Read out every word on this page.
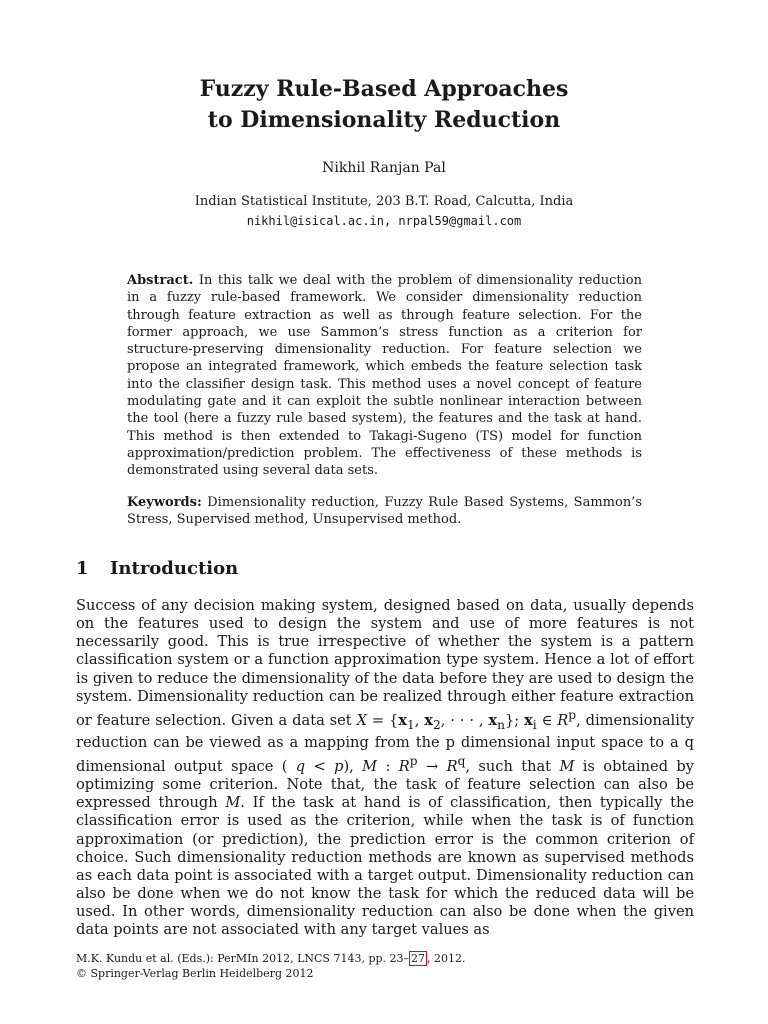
Fuzzy Rule-Based Approaches
to Dimensionality Reduction
Nikhil Ranjan Pal
Indian Statistical Institute, 203 B.T. Road, Calcutta, India
nikhil@isical.ac.in, nrpal59@gmail.com

Abstract. In this talk we deal with the problem of dimensionality reduction in a fuzzy rule-based framework. We consider dimensionality reduction through feature extraction as well as through feature selection. For the former approach, we use Sammon’s stress function as a criterion for structure-preserving dimensionality reduction. For feature selection we propose an integrated framework, which embeds the feature selection task into the classifier design task. This method uses a novel concept of feature modulating gate and it can exploit the subtle nonlinear interaction between the tool (here a fuzzy rule based system), the features and the task at hand. This method is then extended to Takagi-Sugeno (TS) model for function approximation/prediction problem. The effectiveness of these methods is demonstrated using several data sets.

Keywords: Dimensionality reduction, Fuzzy Rule Based Systems, Sammon’s Stress, Supervised method, Unsupervised method.

1 Introduction

Success of any decision making system, designed based on data, usually depends on the features used to design the system and use of more features is not necessarily good. This is true irrespective of whether the system is a pattern classification system or a function approximation type system. Hence a lot of effort is given to reduce the dimensionality of the data before they are used to design the system. Dimensionality reduction can be realized through either feature extraction or feature selection. Given a data set $X = \{x_1$, $x_2$, · · · , $x_n$}; $x_i$ ∈ $R^p$, dimensionality reduction can be viewed as a mapping from the p dimensional input space to a q dimensional output space ( q < p), M : $R^p \to R^q$, such that M is obtained by optimizing some criterion. Note that, the task of feature selection can also be expressed through M. If the task at hand is of classification, then typically the classification error is used as the criterion, while when the task is of function approximation (or prediction), the prediction error is the common criterion of choice. Such dimensionality reduction methods are known as supervised methods as each data point is associated with a target output. Dimensionality reduction can also be done when we do not know the task for which the reduced data will be used. In other words, dimensionality reduction can also be done when the given data points are not associated with any target values as

M.K. Kundu et al. (Eds.): PerMIn 2012, LNCS 7143, pp. 23– 27 , 2012.
© Springer-Verlag Berlin Heidelberg 2012
